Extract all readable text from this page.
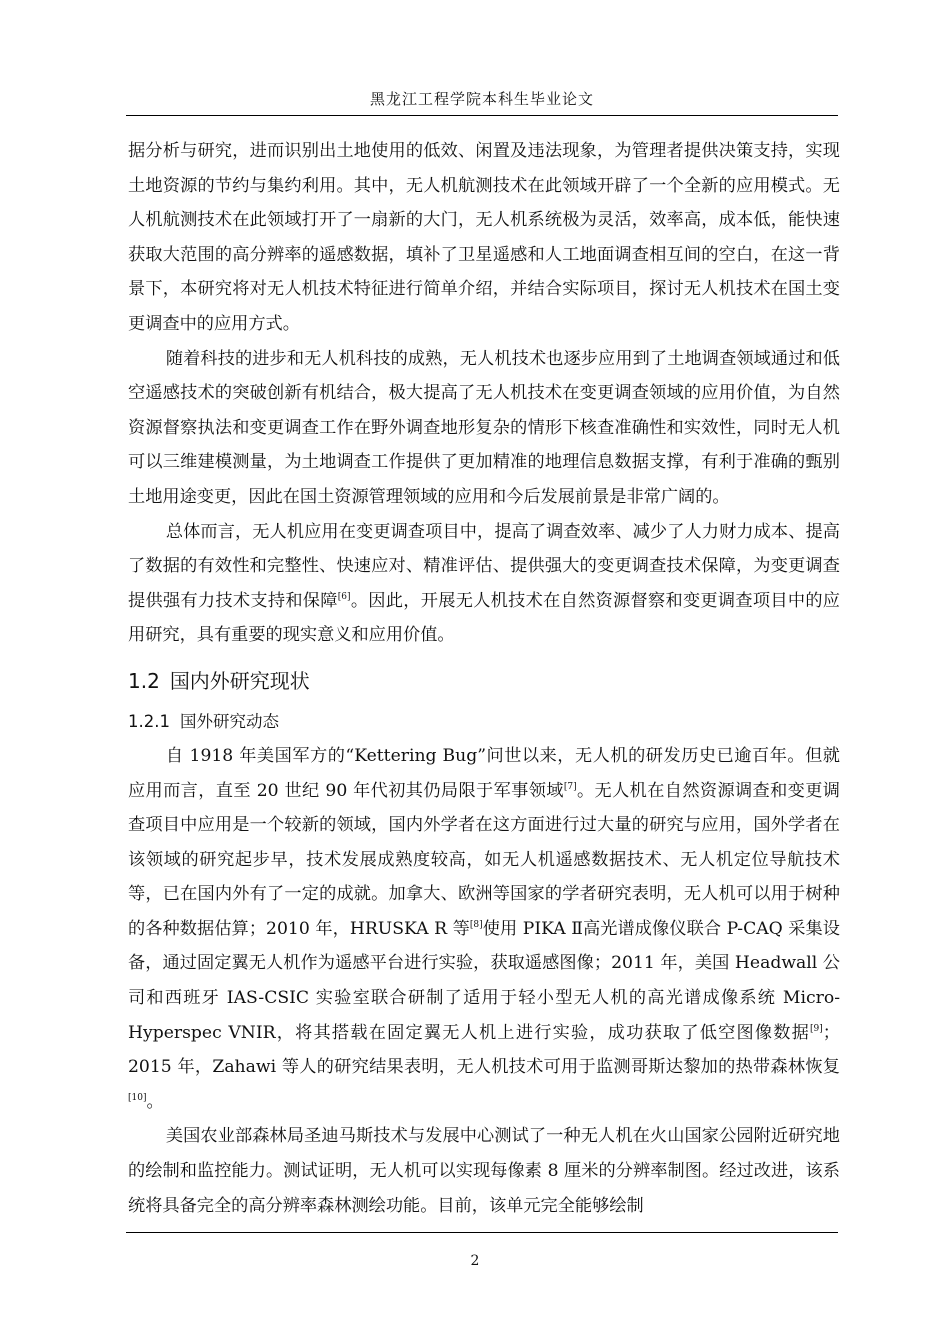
黑龙江工程学院本科生毕业论文

据分析与研究，进而识别出土地使用的低效、闲置及违法现象，为管理者提供决策支持，实现土地资源的节约与集约利用。其中，无人机航测技术在此领域开辟了一个全新的应用模式。无人机航测技术在此领域打开了一扇新的大门，无人机系统极为灵活，效率高，成本低，能快速获取大范围的高分辨率的遥感数据，填补了卫星遥感和人工地面调查相互间的空白，在这一背景下，本研究将对无人机技术特征进行简单介绍，并结合实际项目，探讨无人机技术在国土变更调查中的应用方式。

随着科技的进步和无人机科技的成熟，无人机技术也逐步应用到了土地调查领域通过和低空遥感技术的突破创新有机结合，极大提高了无人机技术在变更调查领域的应用价值，为自然资源督察执法和变更调查工作在野外调查地形复杂的情形下核查准确性和实效性，同时无人机可以三维建模测量，为土地调查工作提供了更加精准的地理信息数据支撑，有利于准确的甄别土地用途变更，因此在国土资源管理领域的应用和今后发展前景是非常广阔的。

总体而言，无人机应用在变更调查项目中，提高了调查效率、减少了人力财力成本、提高了数据的有效性和完整性、快速应对、精准评估、提供强大的变更调查技术保障，为变更调查提供强有力技术支持和保障[6]。因此，开展无人机技术在自然资源督察和变更调查项目中的应用研究，具有重要的现实意义和应用价值。

1.2 国内外研究现状
1.2.1 国外研究动态

自 1918 年美国军方的“Kettering Bug”问世以来，无人机的研发历史已逾百年。但就应用而言，直至 20 世纪 90 年代初其仍局限于军事领域[7]。无人机在自然资源调查和变更调查项目中应用是一个较新的领域，国内外学者在这方面进行过大量的研究与应用，国外学者在该领域的研究起步早，技术发展成熟度较高，如无人机遥感数据技术、无人机定位导航技术等，已在国内外有了一定的成就。加拿大、欧洲等国家的学者研究表明，无人机可以用于树种的各种数据估算；2010 年，HRUSKA R 等[8]使用 PIKA Ⅱ高光谱成像仪联合 P-CAQ 采集设备，通过固定翼无人机作为遥感平台进行实验，获取遥感图像；2011 年，美国 Headwall 公司和西班牙 IAS-CSIC 实验室联合研制了适用于轻小型无人机的高光谱成像系统 Micro-Hyperspec VNIR，将其搭载在固定翼无人机上进行实验，成功获取了低空图像数据[9]；2015 年，Zahawi 等人的研究结果表明，无人机技术可用于监测哥斯达黎加的热带森林恢复[10]。

美国农业部森林局圣迪马斯技术与发展中心测试了一种无人机在火山国家公园附近研究地的绘制和监控能力。测试证明，无人机可以实现每像素 8 厘米的分辨率制图。经过改进，该系统将具备完全的高分辨率森林测绘功能。目前，该单元完全能够绘制

2
